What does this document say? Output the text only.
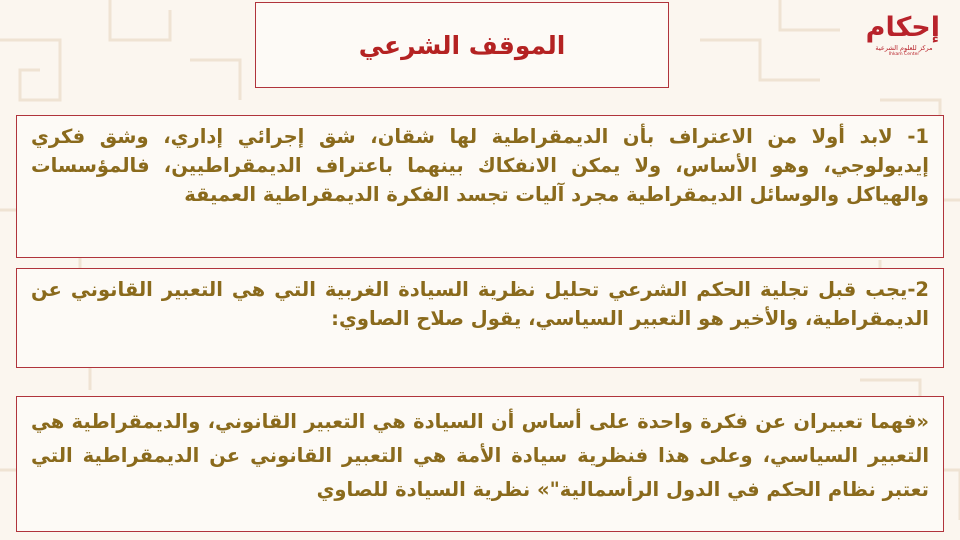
الموقف الشرعي
إحكام
مركز للعلوم الشرعية
Ihkam Center

1- لابد أولا من الاعتراف بأن الديمقراطية لها شقان، شق إجرائي إداري، وشق فكري إيديولوجي، وهو الأساس، ولا يمكن الانفكاك بينهما باعتراف الديمقراطيين، فالمؤسسات والهياكل والوسائل الديمقراطية مجرد آليات تجسد الفكرة الديمقراطية العميقة

2-يجب قبل تجلية الحكم الشرعي تحليل نظرية السيادة الغربية التي هي التعبير القانوني عن الديمقراطية، والأخير هو التعبير السياسي، يقول صلاح الصاوي:

«فهما تعبيران عن فكرة واحدة على أساس أن السيادة هي التعبير القانوني، والديمقراطية هي التعبير السياسي، وعلى هذا فنظرية سيادة الأمة هي التعبير القانوني عن الديمقراطية التي تعتبر نظام الحكم في الدول الرأسمالية"» نظرية السيادة للصاوي
